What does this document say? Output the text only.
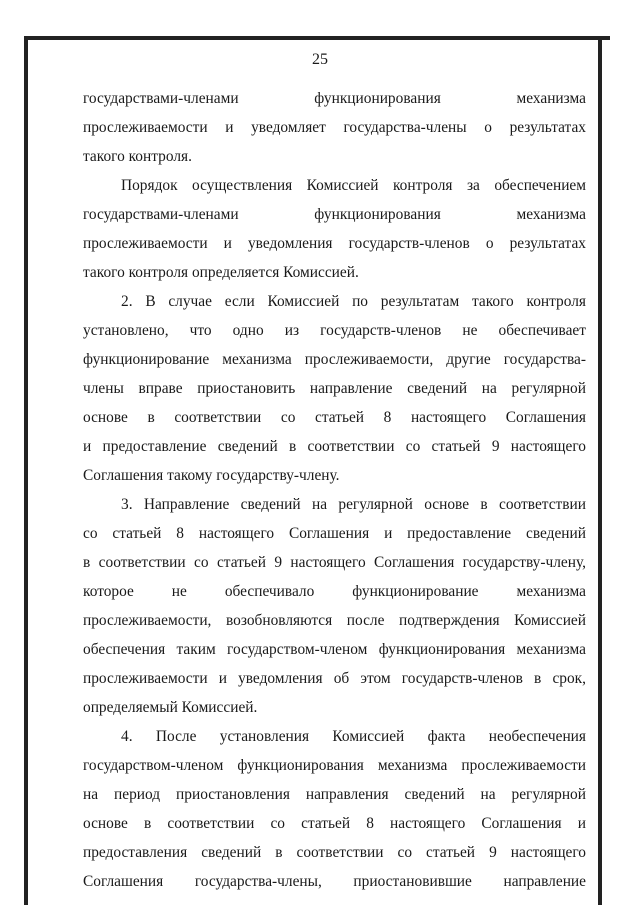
25
государствами-членами функционирования механизма
прослеживаемости и уведомляет государства-члены о результатах
такого контроля.
Порядок осуществления Комиссией контроля за обеспечением
государствами-членами функционирования механизма
прослеживаемости и уведомления государств-членов о результатах
такого контроля определяется Комиссией.
2. В случае если Комиссией по результатам такого контроля
установлено, что одно из государств-членов не обеспечивает
функционирование механизма прослеживаемости, другие государства-
члены вправе приостановить направление сведений на регулярной
основе в соответствии со статьей 8 настоящего Соглашения
и предоставление сведений в соответствии со статьей 9 настоящего
Соглашения такому государству-члену.
3. Направление сведений на регулярной основе в соответствии
со статьей 8 настоящего Соглашения и предоставление сведений
в соответствии со статьей 9 настоящего Соглашения государству-члену,
которое не обеспечивало функционирование механизма
прослеживаемости, возобновляются после подтверждения Комиссией
обеспечения таким государством-членом функционирования механизма
прослеживаемости и уведомления об этом государств-членов в срок,
определяемый Комиссией.
4. После установления Комиссией факта необеспечения
государством-членом функционирования механизма прослеживаемости
на период приостановления направления сведений на регулярной
основе в соответствии со статьей 8 настоящего Соглашения и
предоставления сведений в соответствии со статьей 9 настоящего
Соглашения государства-члены, приостановившие направление
